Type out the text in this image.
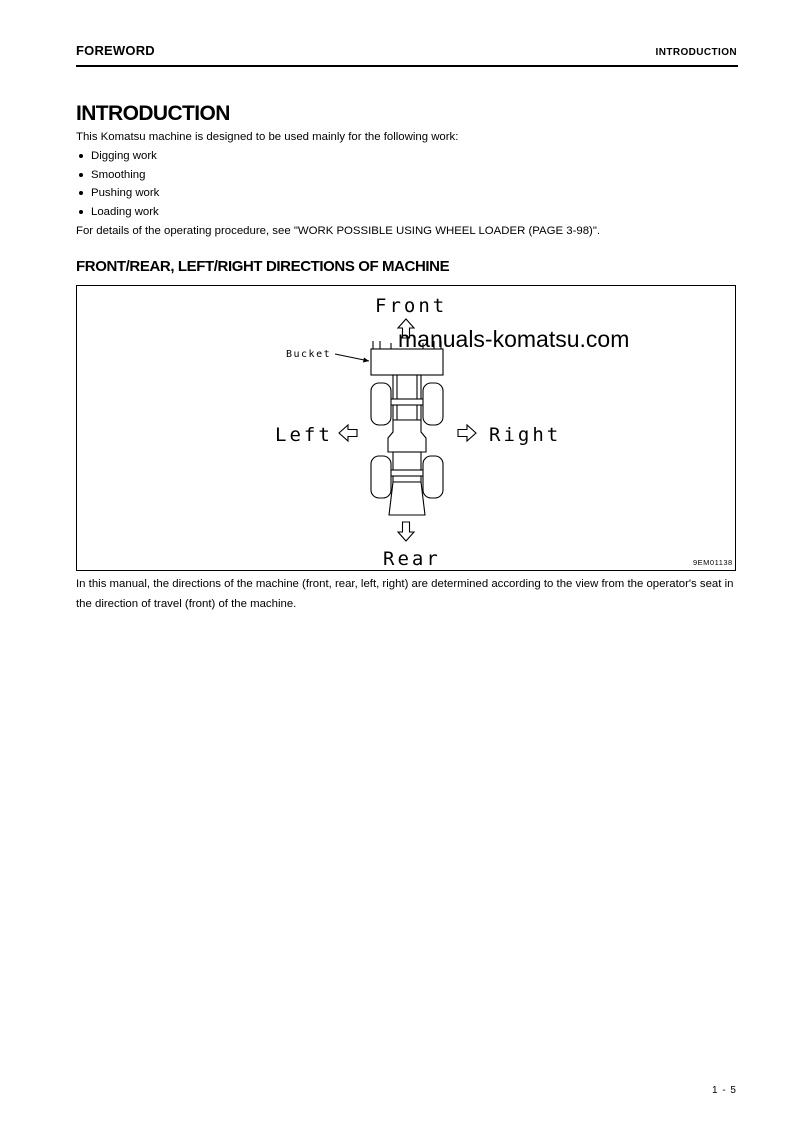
FOREWORD	INTRODUCTION
INTRODUCTION

This Komatsu machine is designed to be used mainly for the following work:

Digging work
Smoothing
Pushing work
Loading work

For details of the operating procedure, see "WORK POSSIBLE USING WHEEL LOADER (PAGE 3-98)".

FRONT/REAR, LEFT/RIGHT DIRECTIONS OF MACHINE
Front
Rear
Left	Right
Bucket
9EM01138
manuals-komatsu.com
In this manual, the directions of the machine (front, rear, left, right) are determined according to the view from the operator's seat in the direction of travel (front) of the machine.
1 - 5
